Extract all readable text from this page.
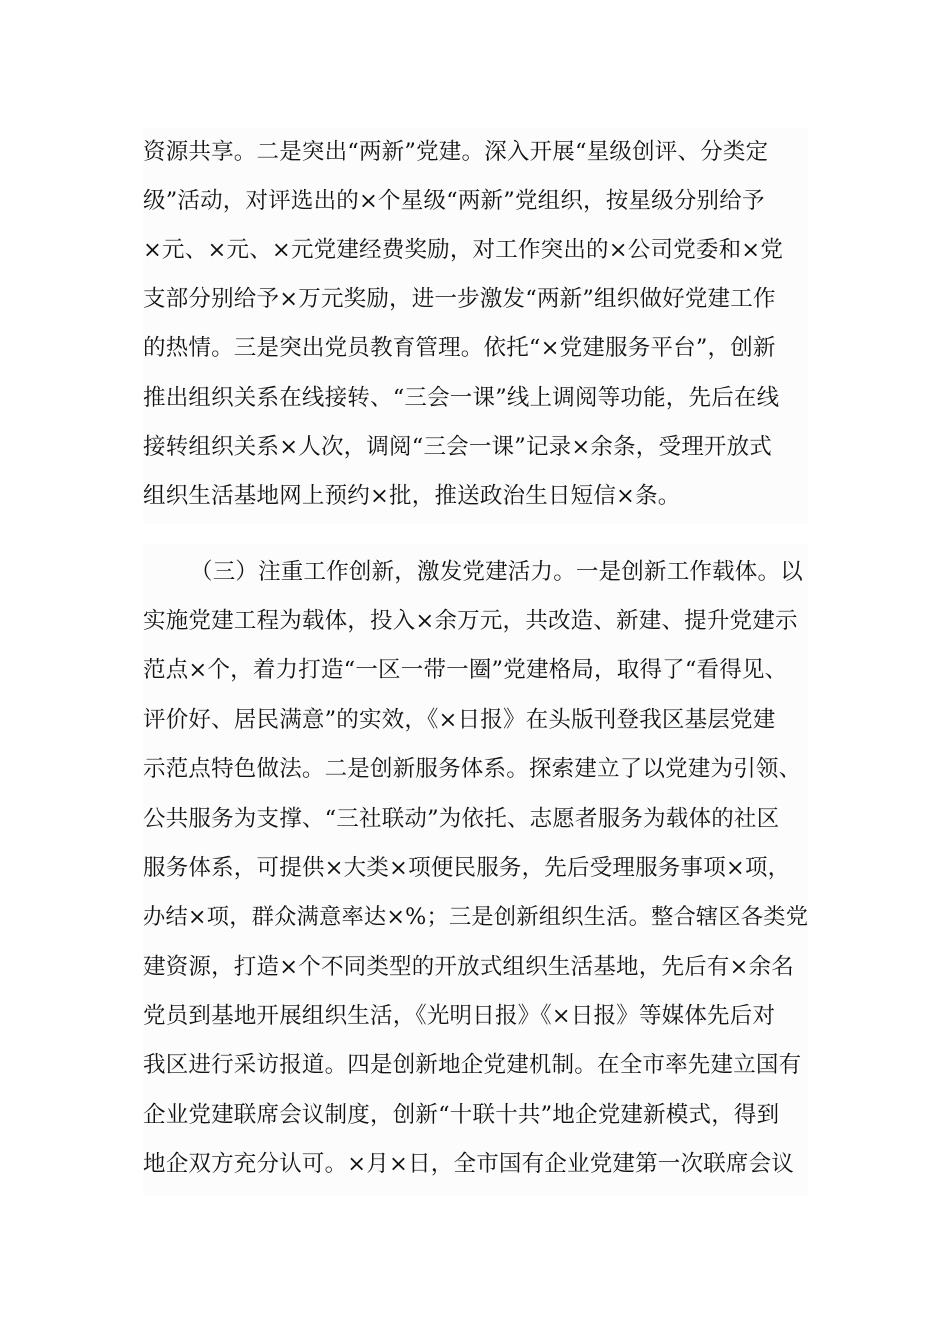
资源共享。二是突出“两新”党建。深入开展“星级创评、分类定
级”活动，对评选出的×个星级“两新”党组织，按星级分别给予
×元、×元、×元党建经费奖励，对工作突出的×公司党委和×党
支部分别给予×万元奖励，进一步激发“两新”组织做好党建工作
的热情。三是突出党员教育管理。依托“×党建服务平台”，创新
推出组织关系在线接转、“三会一课”线上调阅等功能，先后在线
接转组织关系×人次，调阅“三会一课”记录×余条，受理开放式
组织生活基地网上预约×批，推送政治生日短信×条。
（三）注重工作创新，激发党建活力。一是创新工作载体。以
实施党建工程为载体，投入×余万元，共改造、新建、提升党建示
范点×个，着力打造“一区一带一圈”党建格局，取得了“看得见、
评价好、居民满意”的实效，《×日报》在头版刊登我区基层党建
示范点特色做法。二是创新服务体系。探索建立了以党建为引领、
公共服务为支撑、“三社联动”为依托、志愿者服务为载体的社区
服务体系，可提供×大类×项便民服务，先后受理服务事项×项，
办结×项，群众满意率达×%；三是创新组织生活。整合辖区各类党
建资源，打造×个不同类型的开放式组织生活基地，先后有×余名
党员到基地开展组织生活，《光明日报》《×日报》等媒体先后对
我区进行采访报道。四是创新地企党建机制。在全市率先建立国有
企业党建联席会议制度，创新“十联十共”地企党建新模式，得到
地企双方充分认可。×月×日，全市国有企业党建第一次联席会议
